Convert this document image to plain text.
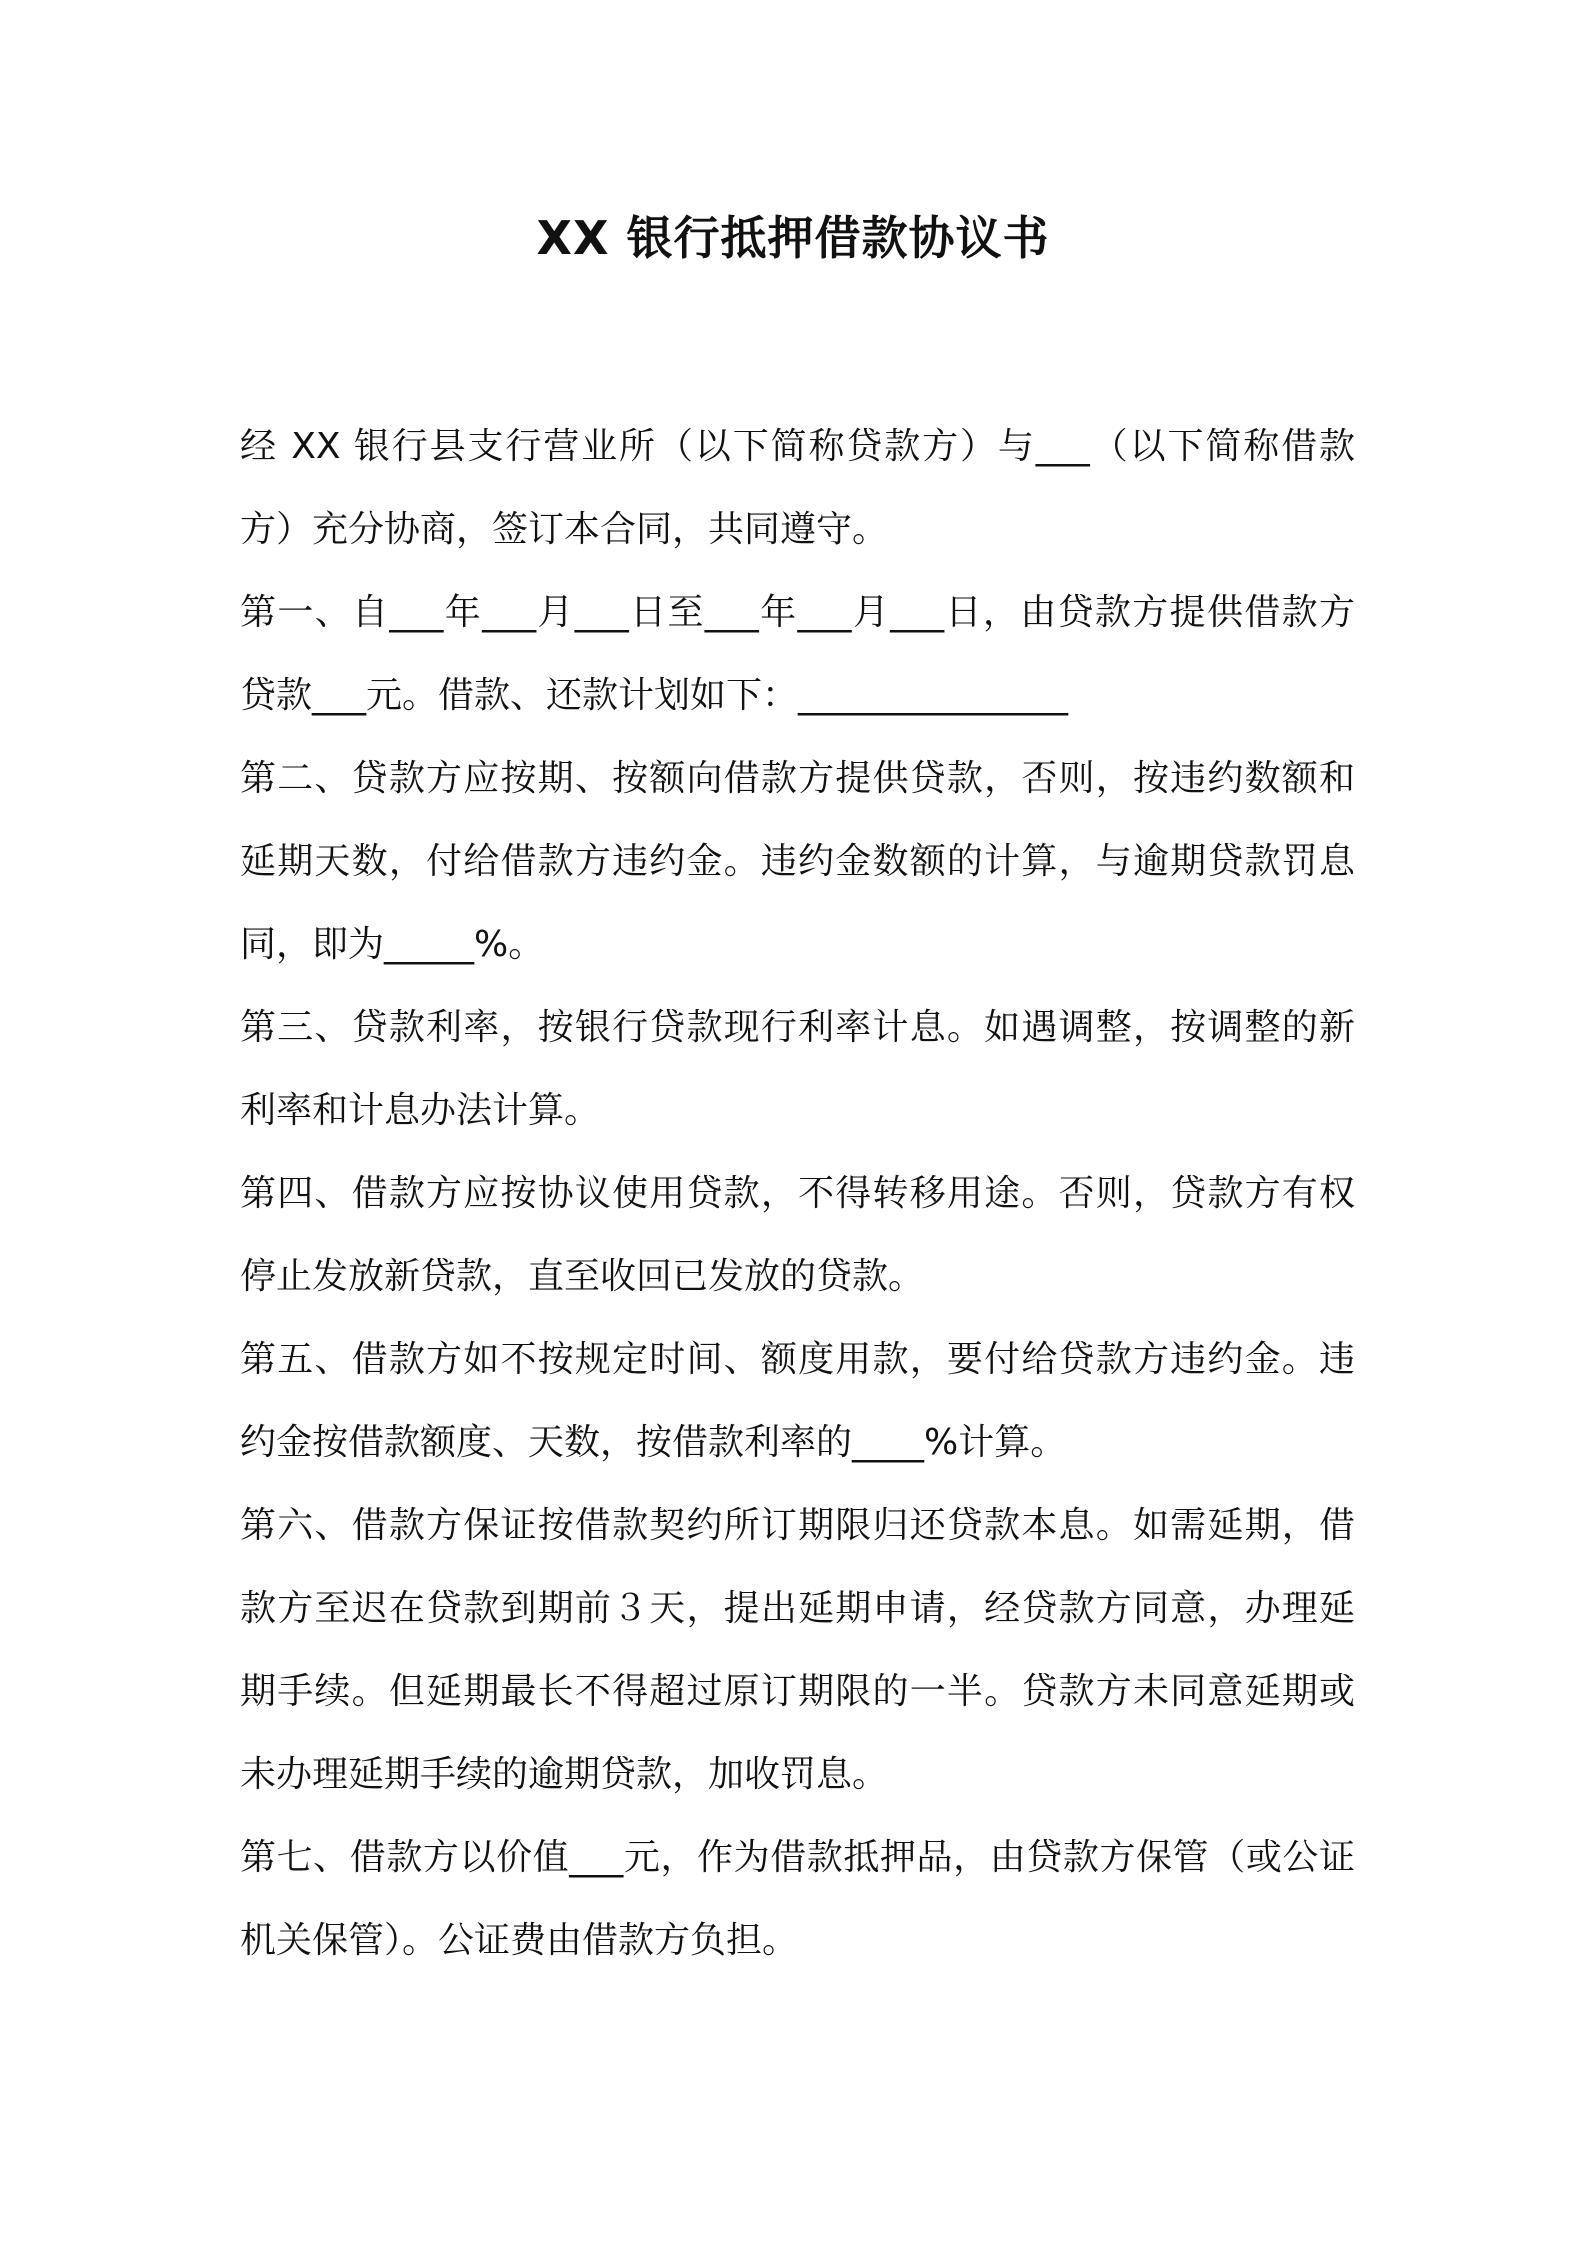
XX 银行抵押借款协议书

经 XX 银行县支行营业所（以下简称贷款方）与___（以下简称借款方）充分协商，签订本合同，共同遵守。

第一、自___年___月___日至___年___月___日，由贷款方提供借款方贷款___元。借款、还款计划如下：_______________

第二、贷款方应按期、按额向借款方提供贷款，否则，按违约数额和延期天数，付给借款方违约金。违约金数额的计算，与逾期贷款罚息同，即为_____%。

第三、贷款利率，按银行贷款现行利率计息。如遇调整，按调整的新利率和计息办法计算。

第四、借款方应按协议使用贷款，不得转移用途。否则，贷款方有权停止发放新贷款，直至收回已发放的贷款。

第五、借款方如不按规定时间、额度用款，要付给贷款方违约金。违约金按借款额度、天数，按借款利率的____%计算。

第六、借款方保证按借款契约所订期限归还贷款本息。如需延期，借款方至迟在贷款到期前３天，提出延期申请，经贷款方同意，办理延期手续。但延期最长不得超过原订期限的一半。贷款方未同意延期或未办理延期手续的逾期贷款，加收罚息。

第七、借款方以价值___元，作为借款抵押品，由贷款方保管（或公证机关保管）。公证费由借款方负担。
